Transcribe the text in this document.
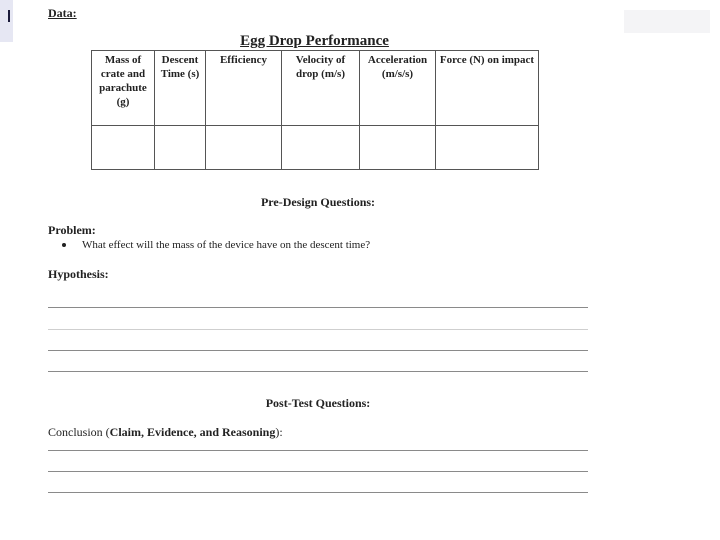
Data:
Egg Drop Performance
Mass of crate and parachute (g)	Descent Time (s)	Efficiency	Velocity of drop (m/s)	Acceleration (m/s/s)	Force (N) on impact

Pre-Design Questions:
Problem:
What effect will the mass of the device have on the descent time?
Hypothesis:
Post-Test Questions:
Conclusion (Claim, Evidence, and Reasoning):
